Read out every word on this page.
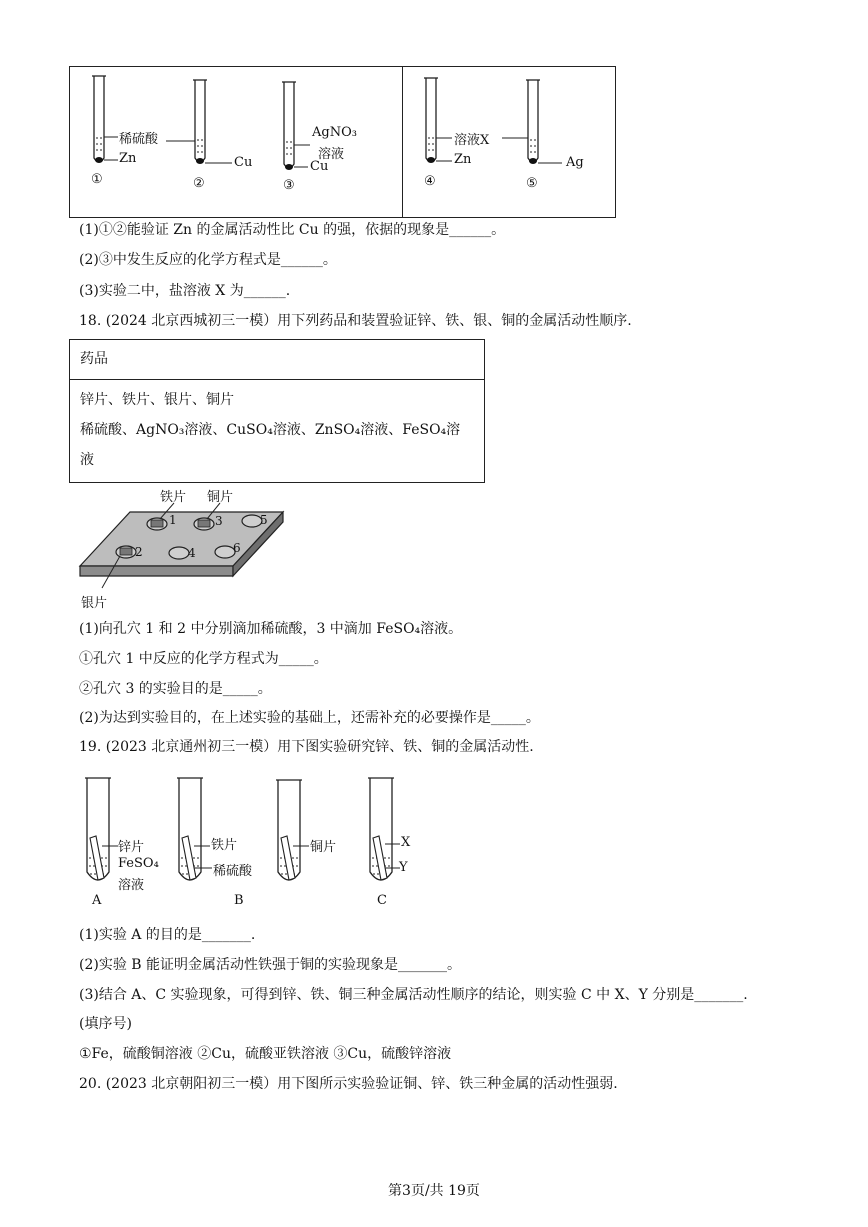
稀硫酸
Zn	Cu
AgNO₃
溶液
Cu
溶液X
Zn	Ag
①	②	③	④	⑤
(1)①②能验证 Zn 的金属活动性比 Cu 的强，依据的现象是______。
(2)③中发生反应的化学方程式是______。
(3)实验二中，盐溶液 X 为______.
18. (2024 北京西城初三一模）用下列药品和装置验证锌、铁、银、铜的金属活动性顺序.
药品
锌片、铁片、银片、铜片
稀硫酸、AgNO₃溶液、CuSO₄溶液、ZnSO₄溶液、FeSO₄溶
液
铁片 铜片
银片
1	3	5
2	4	6
(1)向孔穴 1 和 2 中分别滴加稀硫酸，3 中滴加 FeSO₄溶液。
①孔穴 1 中反应的化学方程式为_____。
②孔穴 3 的实验目的是_____。
(2)为达到实验目的，在上述实验的基础上，还需补充的必要操作是_____。
19. (2023 北京通州初三一模）用下图实验研究锌、铁、铜的金属活动性.
锌片
FeSO₄
溶液
铁片
稀硫酸
铜片	X
Y
A	B	C
(1)实验 A 的目的是_______.
(2)实验 B 能证明金属活动性铁强于铜的实验现象是_______。
(3)结合 A、C 实验现象，可得到锌、铁、铜三种金属活动性顺序的结论，则实验 C 中 X、Y 分别是_______.
(填序号)
①Fe，硫酸铜溶液 ②Cu，硫酸亚铁溶液 ③Cu，硫酸锌溶液
20. (2023 北京朝阳初三一模）用下图所示实验验证铜、锌、铁三种金属的活动性强弱.
第3页/共 19页
